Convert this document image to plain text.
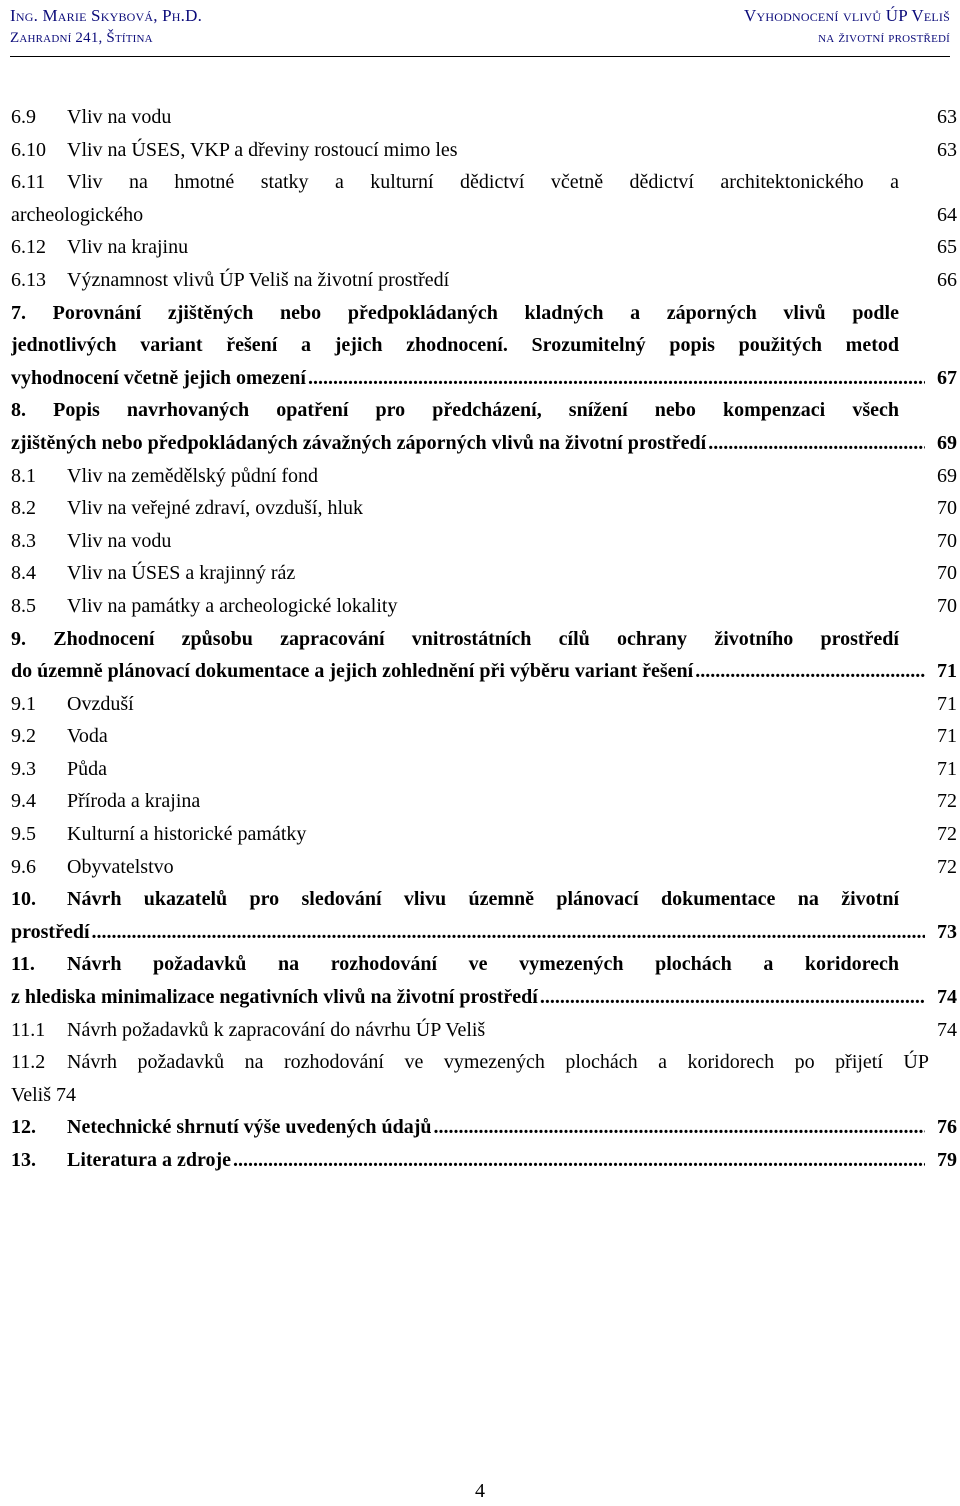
Ing. Marie Skybová, Ph.D.
Zahradní 241, Štítina
Vyhodnocení vlivů ÚP Veliš
na životní prostředí
6.9	Vliv na vodu	63
6.10	Vliv na ÚSES, VKP a dřeviny rostoucí mimo les	63
6.11	Vliv na hmotné statky a kulturní dědictví včetně dědictví architektonického a
archeologického	64
6.12	Vliv na krajinu	65
6.13	Významnost vlivů ÚP Veliš na životní prostředí	66
7. Porovnání zjištěných nebo předpokládaných kladných a záporných vlivů podle
jednotlivých variant řešení a jejich zhodnocení. Srozumitelný popis použitých metod
vyhodnocení včetně jejich omezení .....	67
8. Popis navrhovaných opatření pro předcházení, snížení nebo kompenzaci všech
zjištěných nebo předpokládaných závažných záporných vlivů na životní prostředí .....	69
8.1	Vliv na zemědělský půdní fond	69
8.2	Vliv na veřejné zdraví, ovzduší, hluk	70
8.3	Vliv na vodu	70
8.4	Vliv na ÚSES a krajinný ráz	70
8.5	Vliv na památky a archeologické lokality	70
9. Zhodnocení způsobu zapracování vnitrostátních cílů ochrany životního prostředí
do územně plánovací dokumentace a jejich zohlednění při výběru variant řešení .....	71
9.1	Ovzduší	71
9.2	Voda	71
9.3	Půda	71
9.4	Příroda a krajina	72
9.5	Kulturní a historické památky	72
9.6	Obyvatelstvo	72
10.	Návrh ukazatelů pro sledování vlivu územně plánovací dokumentace na životní
prostředí .....	73
11.	Návrh požadavků na rozhodování ve vymezených plochách a koridorech
z hlediska minimalizace negativních vlivů na životní prostředí .....	74
11.1	Návrh požadavků k zapracování do návrhu ÚP Veliš	74
11.2	Návrh požadavků na rozhodování ve vymezených plochách a koridorech po přijetí ÚP
Veliš 74
12.	Netechnické shrnutí výše uvedených údajů .....	76
13.	Literatura a zdroje .....	79
4
